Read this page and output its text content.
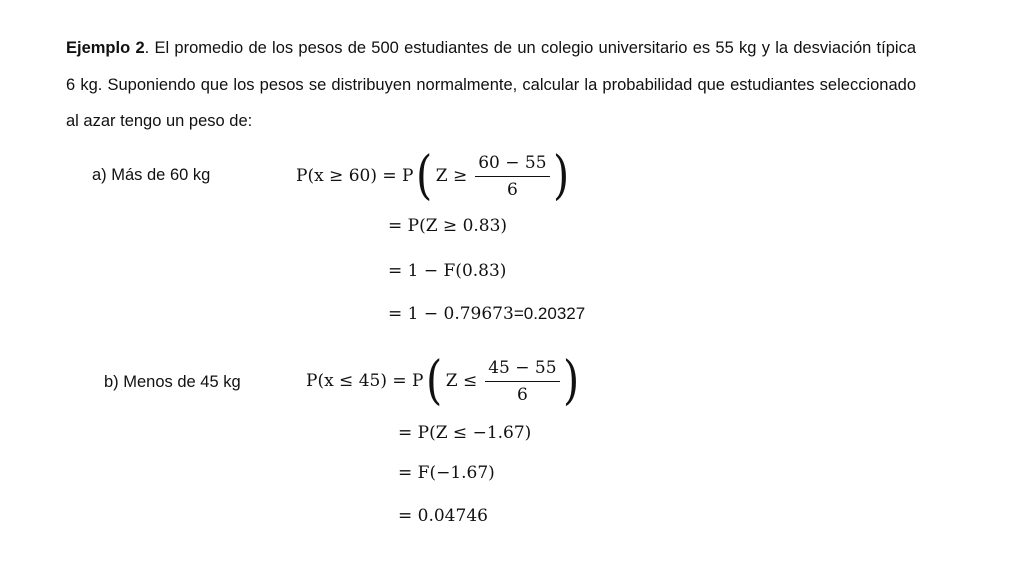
Ejemplo 2. El promedio de los pesos de 500 estudiantes de un colegio universitario es 55 kg y la desviación típica 6 kg. Suponiendo que los pesos se distribuyen normalmente, calcular la probabilidad que estudiantes seleccionado al azar tengo un peso de:
a) Más de 60 kg	P(x ≥ 60) = P ( $Z \ge \frac{60 - 55}{6}$ )
= P(Z ≥ 0.83)
= 1 − F(0.83)
= 1 − 0.79673 =0.20327
b) Menos de 45 kg	P(x ≤ 45) = P ( $Z \le \frac{45 - 55}{6}$ )
= P(Z ≤ −1.67)
= F(−1.67)
= 0.04746
